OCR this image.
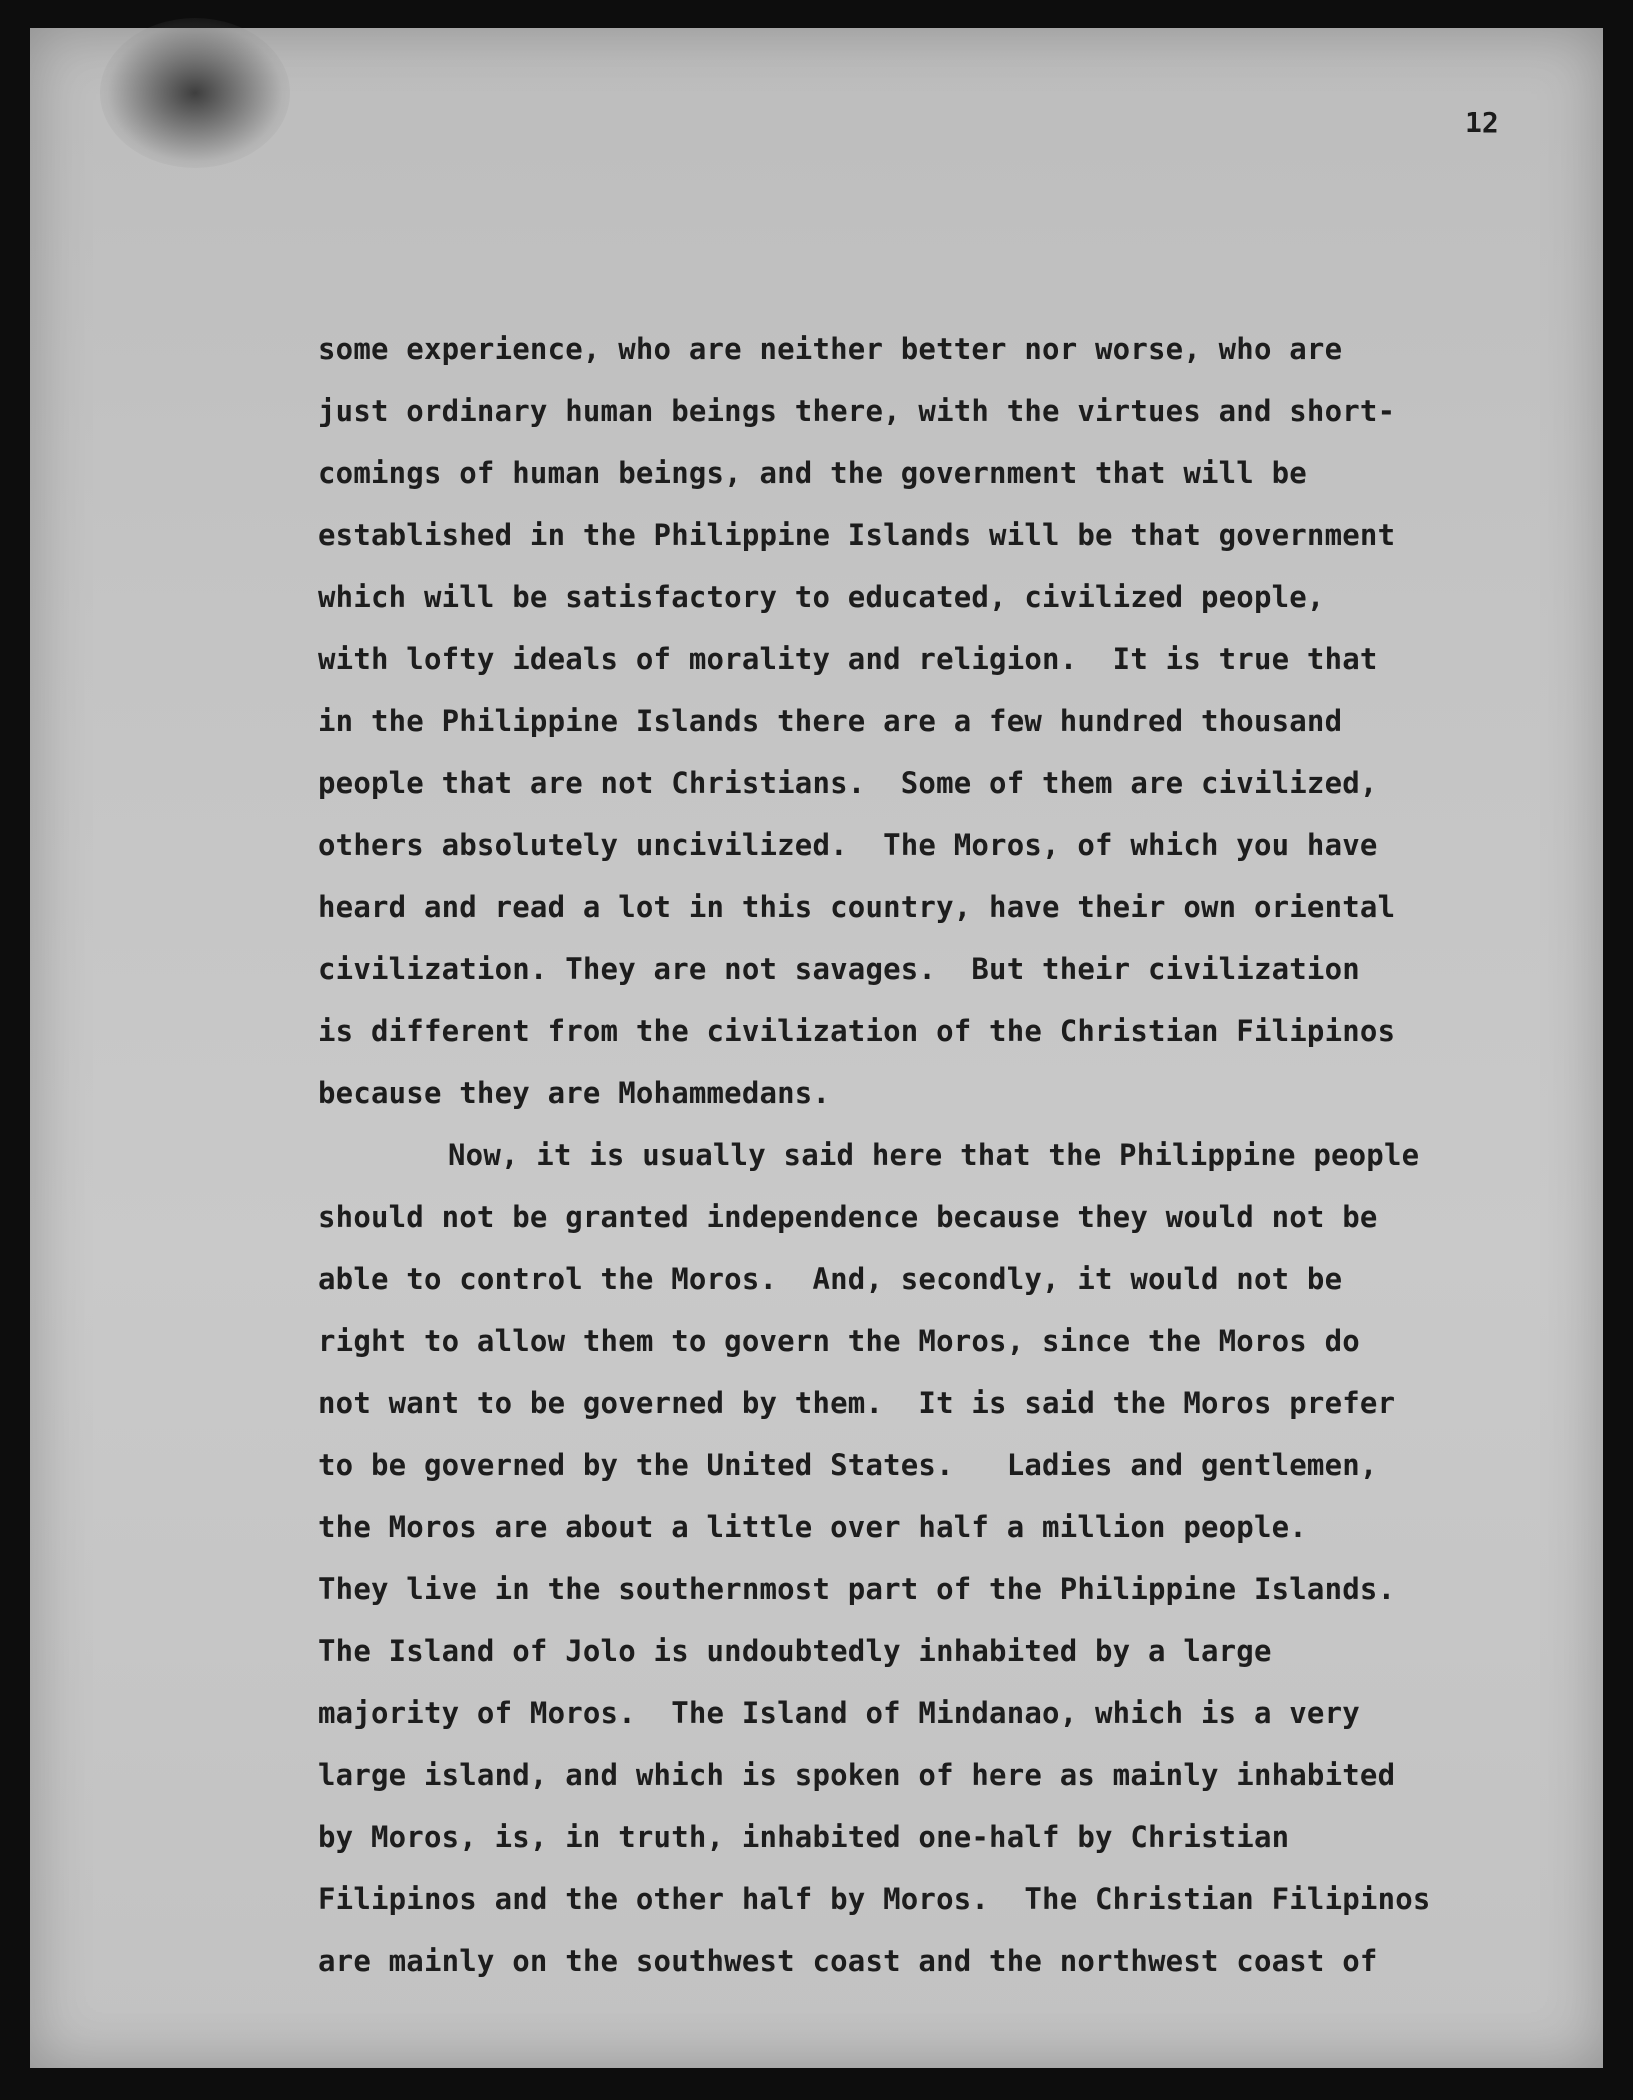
12
some experience, who are neither better nor worse, who are
just ordinary human beings there, with the virtues and short-
comings of human beings, and the government that will be
established in the Philippine Islands will be that government
which will be satisfactory to educated, civilized people,
with lofty ideals of morality and religion.  It is true that
in the Philippine Islands there are a few hundred thousand
people that are not Christians.  Some of them are civilized,
others absolutely uncivilized.  The Moros, of which you have
heard and read a lot in this country, have their own oriental
civilization. They are not savages.  But their civilization
is different from the civilization of the Christian Filipinos
because they are Mohammedans.
Now, it is usually said here that the Philippine people
should not be granted independence because they would not be
able to control the Moros.  And, secondly, it would not be
right to allow them to govern the Moros, since the Moros do
not want to be governed by them.  It is said the Moros prefer
to be governed by the United States.   Ladies and gentlemen,
the Moros are about a little over half a million people.
They live in the southernmost part of the Philippine Islands.
The Island of Jolo is undoubtedly inhabited by a large
majority of Moros.  The Island of Mindanao, which is a very
large island, and which is spoken of here as mainly inhabited
by Moros, is, in truth, inhabited one-half by Christian
Filipinos and the other half by Moros.  The Christian Filipinos
are mainly on the southwest coast and the northwest coast of
